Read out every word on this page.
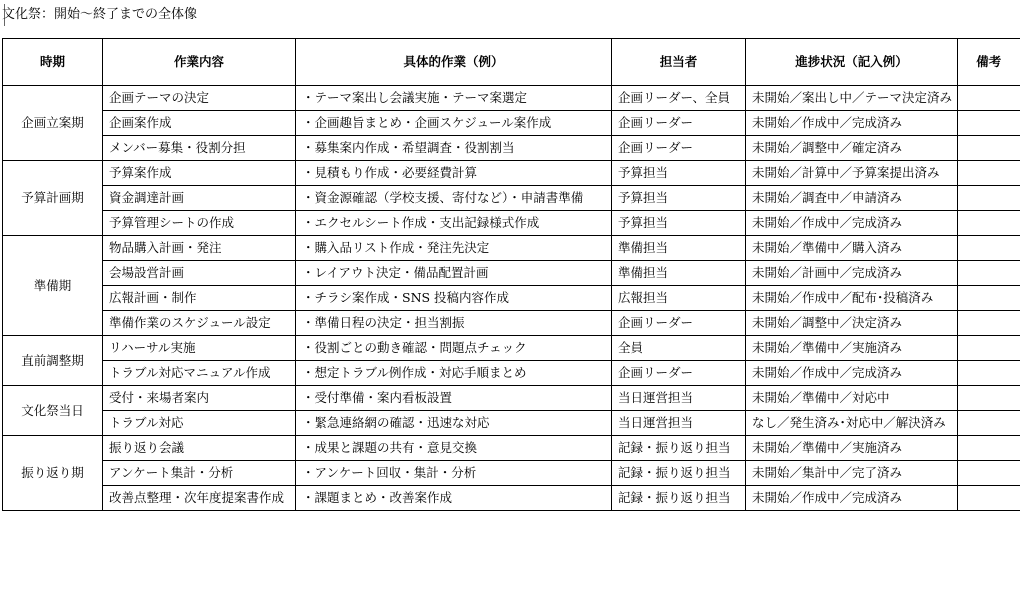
文化祭：開始～終了までの全体像
時期	作業内容	具体的作業（例）	担当者	進捗状況（記入例）	備考
企画立案期	企画テーマの決定	・テーマ案出し会議実施・テーマ案選定	企画リーダー、全員	未開始／案出し中／テーマ決定済み	
	企画案作成	・企画趣旨まとめ・企画スケジュール案作成	企画リーダー	未開始／作成中／完成済み	
	メンバー募集・役割分担	・募集案内作成・希望調査・役割割当	企画リーダー	未開始／調整中／確定済み	
予算計画期	予算案作成	・見積もり作成・必要経費計算	予算担当	未開始／計算中／予算案提出済み	
	資金調達計画	・資金源確認（学校支援、寄付など）・申請書準備	予算担当	未開始／調査中／申請済み	
	予算管理シートの作成	・エクセルシート作成・支出記録様式作成	予算担当	未開始／作成中／完成済み	
準備期	物品購入計画・発注	・購入品リスト作成・発注先決定	準備担当	未開始／準備中／購入済み	
	会場設営計画	・レイアウト決定・備品配置計画	準備担当	未開始／計画中／完成済み	
	広報計画・制作	・チラシ案作成・SNS 投稿内容作成	広報担当	未開始／作成中／配布･投稿済み	
	準備作業のスケジュール設定	・準備日程の決定・担当割振	企画リーダー	未開始／調整中／決定済み	
直前調整期	リハーサル実施	・役割ごとの動き確認・問題点チェック	全員	未開始／準備中／実施済み	
	トラブル対応マニュアル作成	・想定トラブル例作成・対応手順まとめ	企画リーダー	未開始／作成中／完成済み	
文化祭当日	受付・来場者案内	・受付準備・案内看板設置	当日運営担当	未開始／準備中／対応中	
	トラブル対応	・緊急連絡網の確認・迅速な対応	当日運営担当	なし／発生済み･対応中／解決済み	
振り返り期	振り返り会議	・成果と課題の共有・意見交換	記録・振り返り担当	未開始／準備中／実施済み	
	アンケート集計・分析	・アンケート回収・集計・分析	記録・振り返り担当	未開始／集計中／完了済み	
	改善点整理・次年度提案書作成	・課題まとめ・改善案作成	記録・振り返り担当	未開始／作成中／完成済み	
